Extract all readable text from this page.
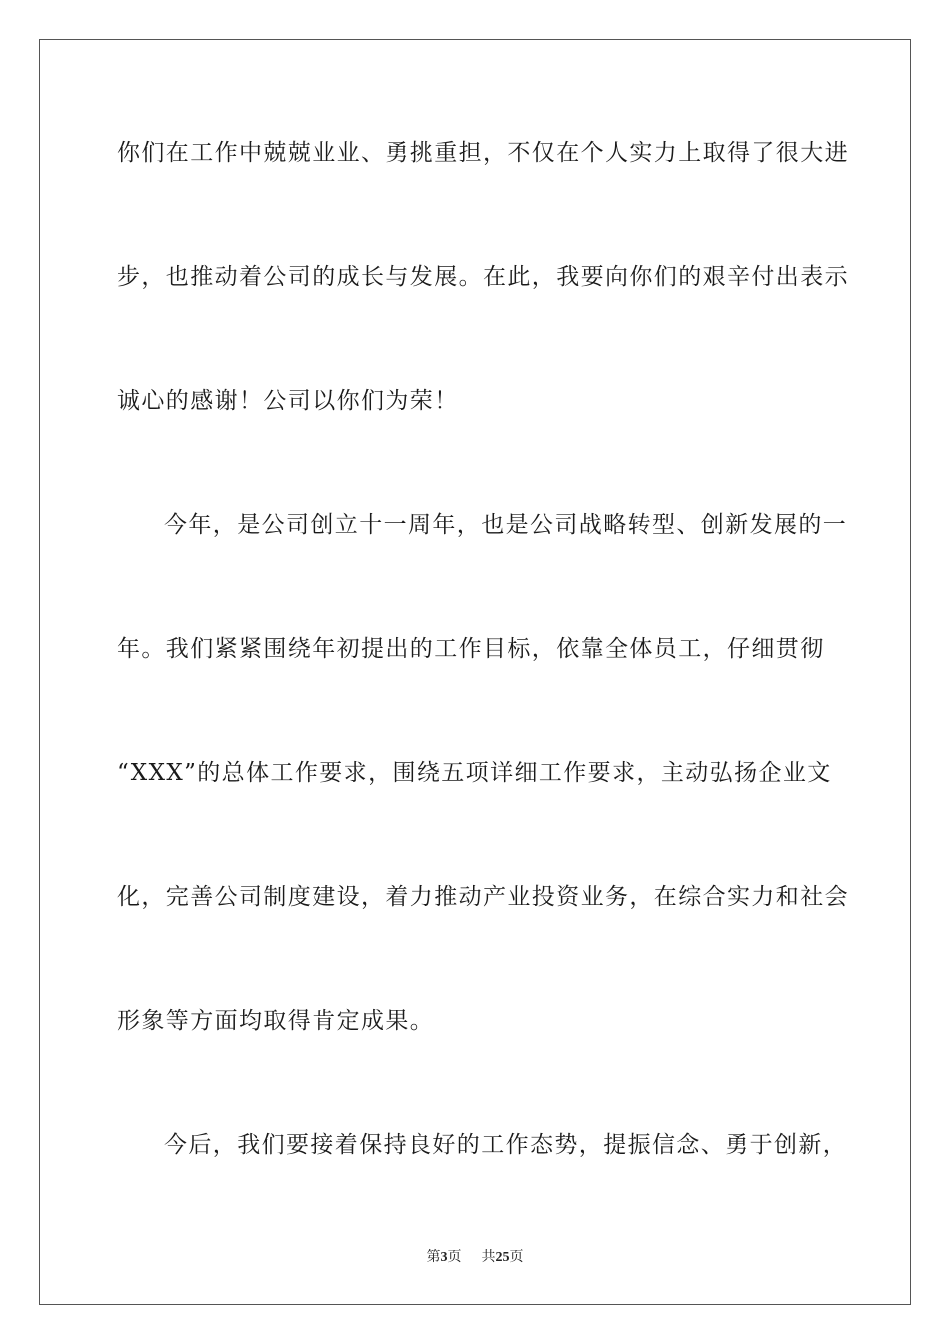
你们在工作中兢兢业业、勇挑重担，不仅在个人实力上取得了很大进
步，也推动着公司的成长与发展。在此，我要向你们的艰辛付出表示
诚心的感谢！公司以你们为荣！
今年，是公司创立十一周年，也是公司战略转型、创新发展的一
年。我们紧紧围绕年初提出的工作目标，依靠全体员工，仔细贯彻
“XXX”的总体工作要求，围绕五项详细工作要求，主动弘扬企业文
化，完善公司制度建设，着力推动产业投资业务，在综合实力和社会
形象等方面均取得肯定成果。
今后，我们要接着保持良好的工作态势，提振信念、勇于创新，
第3页 共25页
